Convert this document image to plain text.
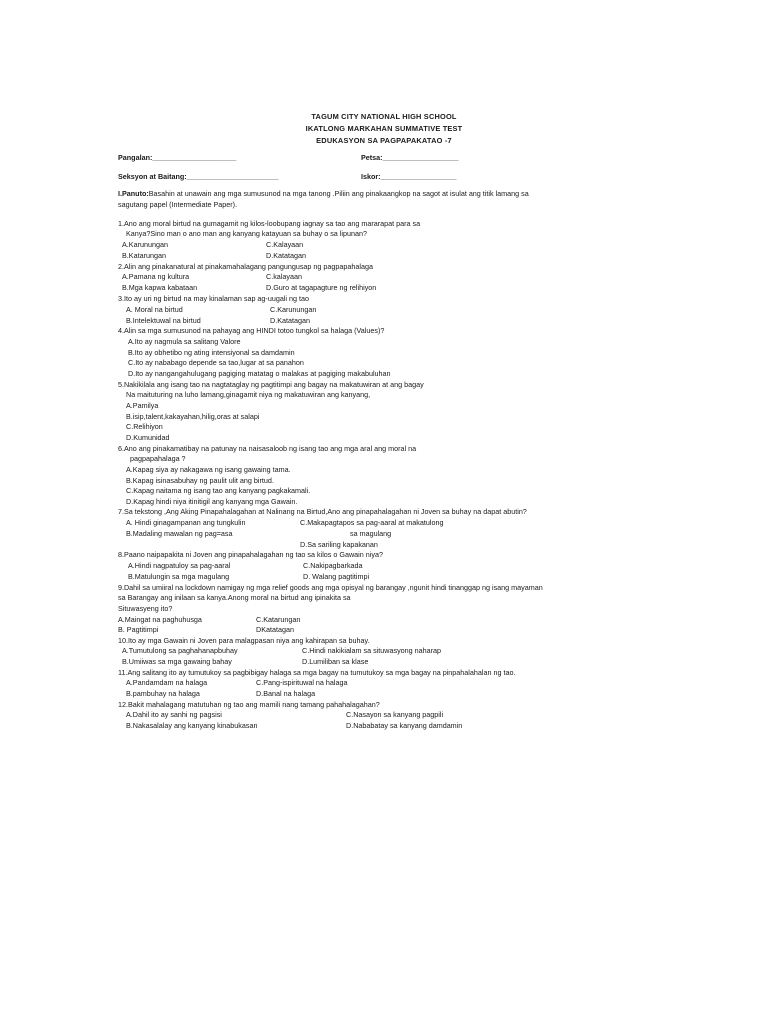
TAGUM CITY NATIONAL HIGH SCHOOL
IKATLONG MARKAHAN SUMMATIVE TEST
EDUKASYON SA PAGPAPAKATAO -7
Pangalan:_____________________	Petsa:___________________
Seksyon at Baitang:_______________________	Iskor:___________________
I.Panuto:Basahin at unawain ang mga sumusunod na mga tanong .Piliin ang pinakaangkop na sagot at isulat ang titik lamang sa
sagutang papel (Intermediate Paper).
1.Ano ang moral birtud na gumagamit ng kilos-loobupang iagnay sa tao ang mararapat para sa
Kanya?Sino man o ano man ang kanyang katayuan sa buhay o sa lipunan?
A.Karunungan	C.Kalayaan
B.Katarungan	D.Katatagan
2.Alin ang pinakanatural at pinakamahalagang pangungusap ng pagpapahalaga
A.Pamana ng kultura	C.kalayaan
B.Mga kapwa kabataan	D.Guro at tagapagture ng relihiyon
3.Ito ay uri ng birtud na may kinalaman sap ag-uugali ng tao
A. Moral na birtud	C.Karunungan
B.Intelektuwal na birtud	D.Katatagan
4.Alin sa mga sumusunod na pahayag ang HINDI totoo tungkol sa halaga (Values)?
A.Ito ay nagmula sa salitang Valore
B.Ito ay obhetibo ng ating intensiyonal sa damdamin
C.Ito ay nababago depende sa tao,lugar at sa panahon
D.Ito ay nangangahulugang pagiging matatag o malakas at pagiging makabuluhan
5.Nakikilala ang isang tao na nagtataglay ng pagtitimpi ang bagay na makatuwiran at ang bagay
Na maituturing na luho lamang,ginagamit niya ng makatuwiran ang kanyang,
A.Pamilya
B.isip,talent,kakayahan,hilig,oras at salapi
C.Relihiyon
D.Kumunidad
6.Ano ang pinakamatibay na patunay na naisasaloob ng isang tao ang mga aral ang moral na
pagpapahalaga ?
A.Kapag siya ay nakagawa ng isang gawaing tama.
B.Kapag isinasabuhay ng paulit ulit ang birtud.
C.Kapag naitama ng isang tao ang kanyang pagkakamali.
D.Kapag hindi niya itinitigil ang kanyang mga Gawain.
7.Sa tekstong ,Ang Aking Pinapahalagahan at Nalinang na Birtud,Ano ang pinapahalagahan ni Joven sa buhay na dapat abutin?
A. Hindi ginagampanan ang tungkulin	C.Makapagtapos sa pag-aaral at makatulong
B.Madaling mawalan ng pag=asa	sa magulang
D.Sa sariling kapakanan
8.Paano naipapakita ni Joven ang pinapahalagahan ng tao sa kilos o Gawain niya?
A.Hindi nagpatuloy sa pag-aaral	C.Nakipagbarkada
B.Matulungin sa mga magulang	D. Walang pagtitimpi
9.Dahil sa umiiral na lockdown namigay ng mga relief goods ang mga opisyal ng barangay ,ngunit hindi tinanggap ng isang mayaman
sa Barangay ang inilaan sa kanya.Anong moral na birtud ang ipinakita sa
Situwasyeng ito?
A.Maingat na paghuhusga	C.Katarungan
B. Pagtitimpi	DKatatagan
10.Ito ay mga Gawain ni Joven para malagpasan niya ang kahirapan sa buhay.
A.Tumutulong sa paghahanapbuhay	C.Hindi nakikialam sa situwasyong naharap
B.Umiiwas sa mga gawaing bahay	D.Lumiliban sa klase
11.Ang salitang ito ay tumutukoy sa pagbibigay halaga sa mga bagay na tumutukoy sa mga bagay na pinpahalahalan ng tao.
A.Pandamdam na halaga	C.Pang-ispirituwal na halaga
B.pambuhay na halaga	D.Banal na halaga
12.Bakit mahalagang matutuhan ng tao ang mamili nang tamang pahahalagahan?
A.Dahil ito ay sanhi ng pagsisi	C.Nasayon sa kanyang pagpili
B.Nakasalalay ang kanyang kinabukasan	D.Nababatay sa kanyang damdamin
